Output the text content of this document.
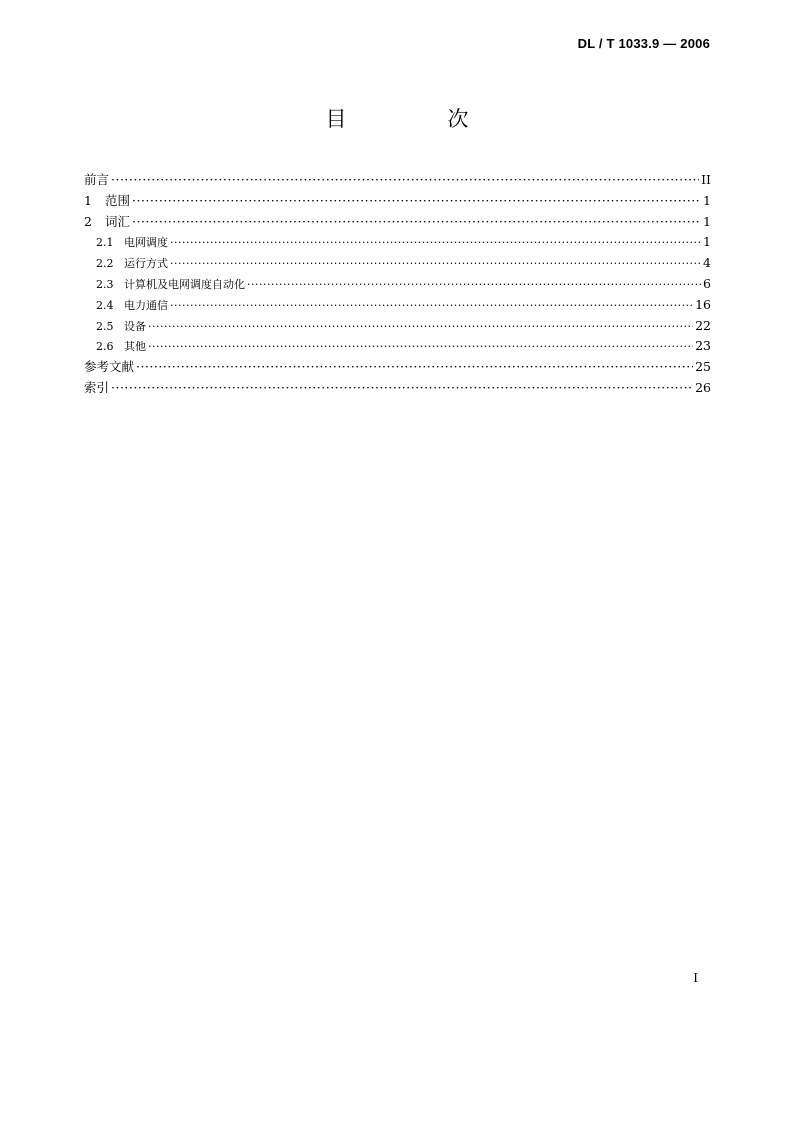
DL / T 1033.9 — 2006
目　次
前言 ·····	II
1	范围 ·····	1
2	词汇 ·····	1
2.1 电网调度 ·····	1
2.2 运行方式 ·····	4
2.3 计算机及电网调度自动化 ·····	6
2.4 电力通信 ·····	16
2.5 设备 ·····	22
2.6 其他 ·····	23
参考文献 ·····	25
索引 ·····	26
I
